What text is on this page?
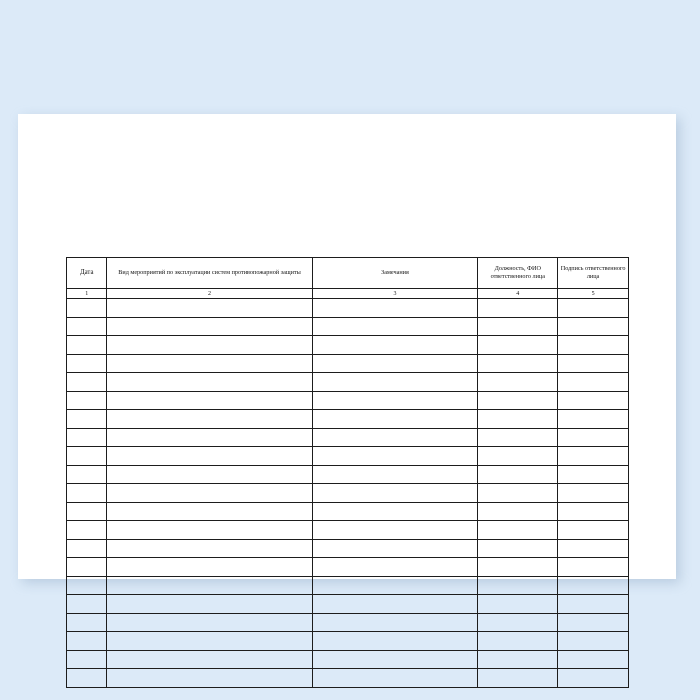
Дата	Вид мероприятий по эксплуатации систем противопожарной защиты	Замечания	Должность, ФИО ответственного лица	Подпись ответственного лица
1	2	3	4	5
